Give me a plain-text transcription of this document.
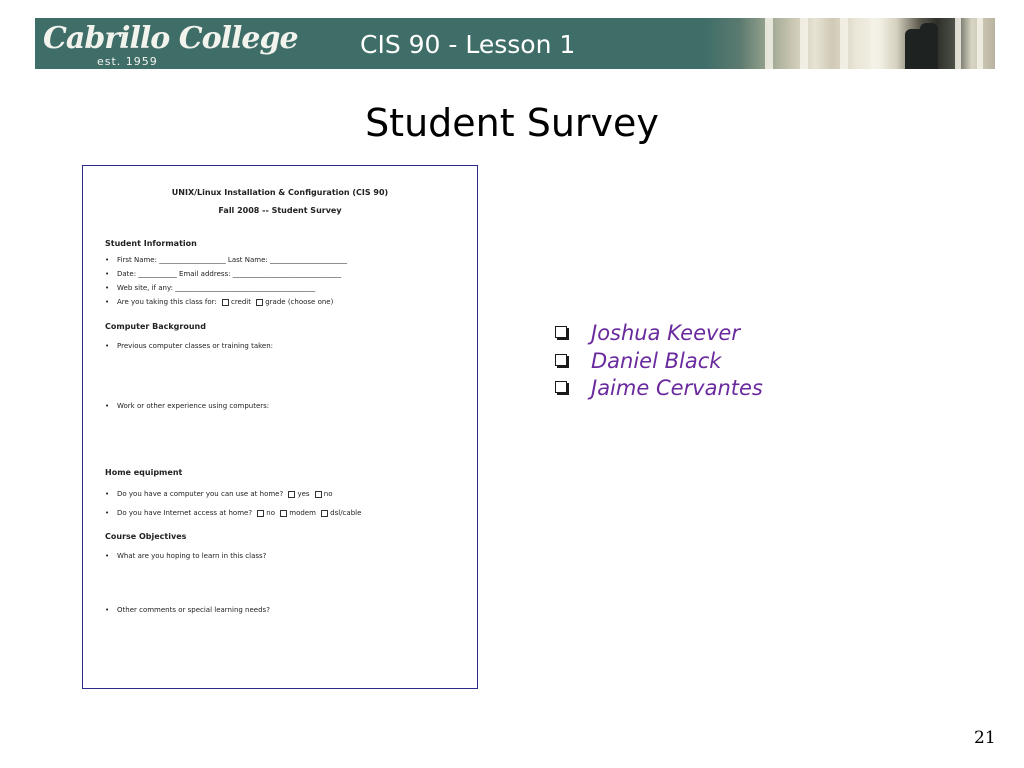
Cabrillo College
est. 1959
CIS 90 - Lesson 1
Student Survey
UNIX/Linux Installation & Configuration (CIS 90)
Fall 2008 -- Student Survey
Student Information
• First Name: ___________________ Last Name: ______________________
• Date: ___________ Email address: _______________________________
• Web site, if any: ________________________________________
• Are you taking this class for: credit grade (choose one)
Computer Background
• Previous computer classes or training taken:
• Work or other experience using computers:
Home equipment
• Do you have a computer you can use at home? yes no
• Do you have Internet access at home? no modem dsl/cable
Course Objectives
• What are you hoping to learn in this class?
• Other comments or special learning needs?
Joshua Keever
Daniel Black
Jaime Cervantes
21
